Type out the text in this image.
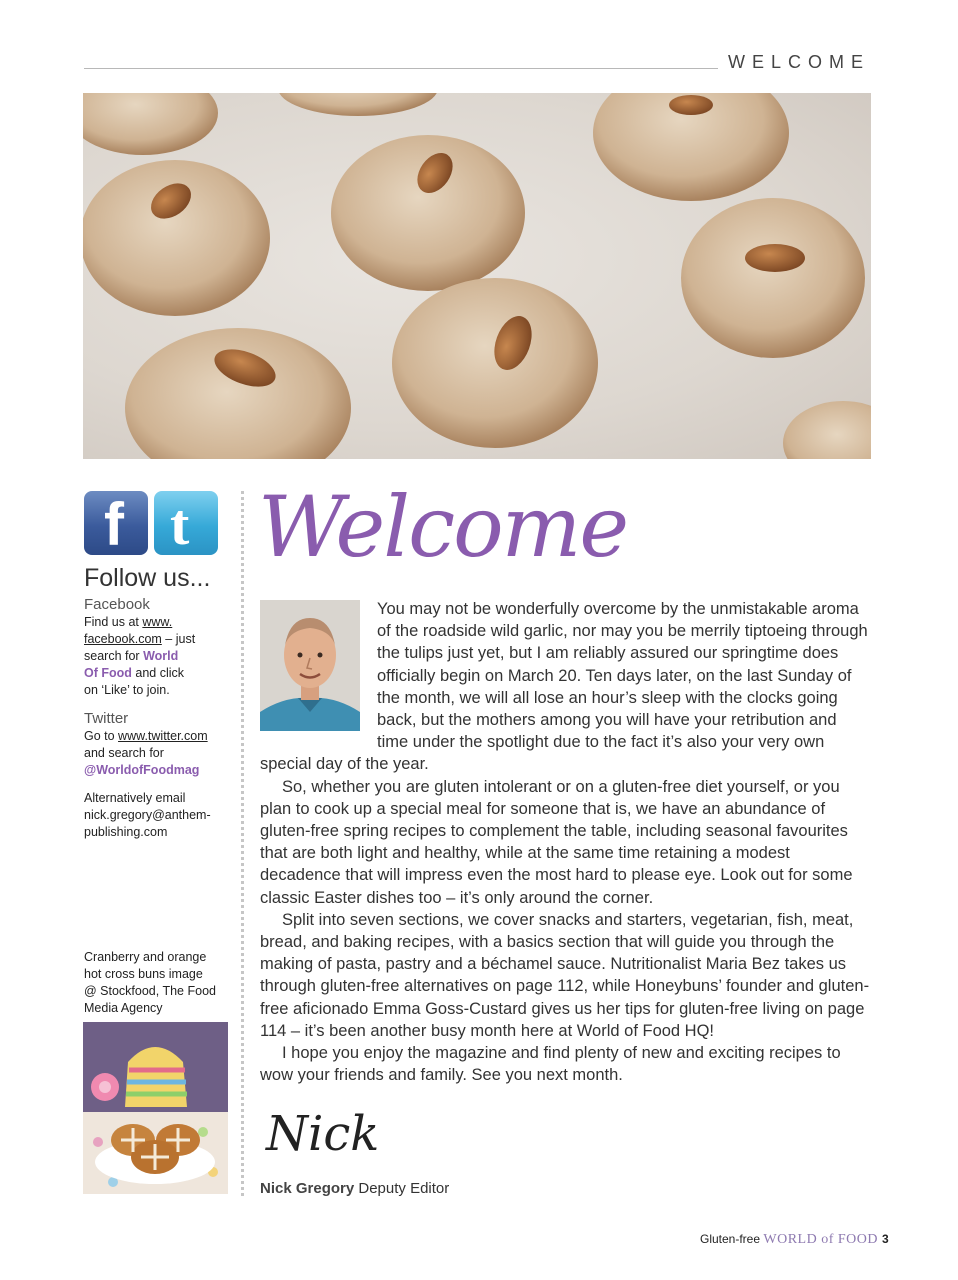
WELCOME
f t
Follow us...
Facebook
Find us at www.
facebook.com – just
search for World
Of Food and click
on ‘Like’ to join.
Twitter
Go to www.twitter.com
and search for
@WorldofFoodmag
Alternatively email
nick.gregory@anthem-
publishing.com
Cranberry and orange
hot cross buns image
@ Stockfood, The Food
Media Agency
Welcome

You may not be wonderfully overcome by the unmistakable aroma of the roadside wild garlic, nor may you be merrily tiptoeing through the tulips just yet, but I am reliably assured our springtime does officially begin on March 20. Ten days later, on the last Sunday of the month, we will all lose an hour’s sleep with the clocks going back, but the mothers among you will have your retribution and time under the spotlight due to the fact it’s also your very own special day of the year.

So, whether you are gluten intolerant or on a gluten-free diet yourself, or you plan to cook up a special meal for someone that is, we have an abundance of gluten-free spring recipes to complement the table, including seasonal favourites that are both light and healthy, while at the same time retaining a modest decadence that will impress even the most hard to please eye. Look out for some classic Easter dishes too – it’s only around the corner.

Split into seven sections, we cover snacks and starters, vegetarian, fish, meat, bread, and baking recipes, with a basics section that will guide you through the making of pasta, pastry and a béchamel sauce. Nutritionalist Maria Bez takes us through gluten-free alternatives on page 112, while Honeybuns’ founder and gluten-free aficionado Emma Goss-Custard gives us her tips for gluten-free living on page 114 – it’s been another busy month here at World of Food HQ!

I hope you enjoy the magazine and find plenty of new and exciting recipes to wow your friends and family. See you next month.

Nick
Nick Gregory Deputy Editor
Gluten-free WORLD of FOOD 3
